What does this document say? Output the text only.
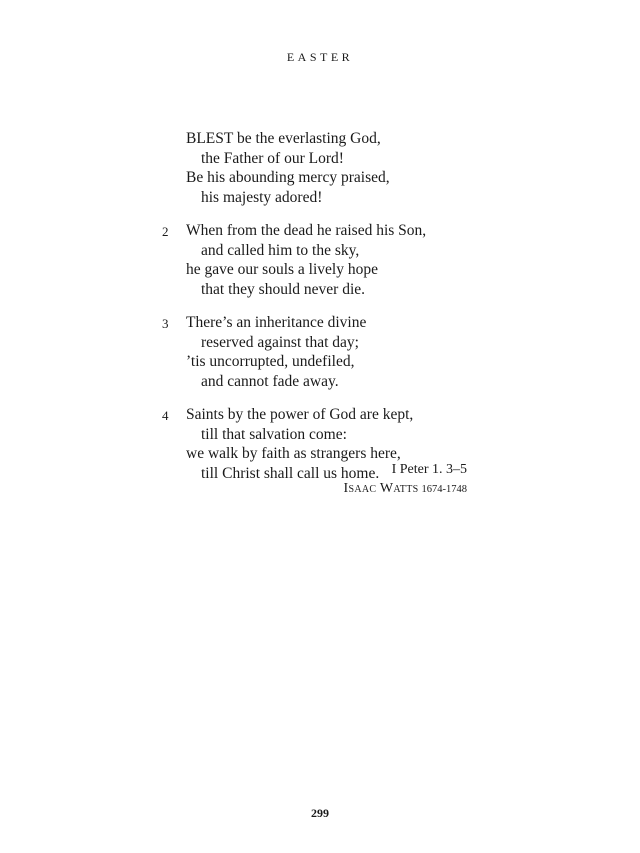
EASTER
BLEST be the everlasting God,
the Father of our Lord!
Be his abounding mercy praised,
his majesty adored!
2	When from the dead he raised his Son,
and called him to the sky,
he gave our souls a lively hope
that they should never die.
3	There’s an inheritance divine
reserved against that day;
’tis uncorrupted, undefiled,
and cannot fade away.
4	Saints by the power of God are kept,
till that salvation come:
we walk by faith as strangers here,
till Christ shall call us home. I Peter 1. 3–5
Isaac Watts 1674-1748
299
